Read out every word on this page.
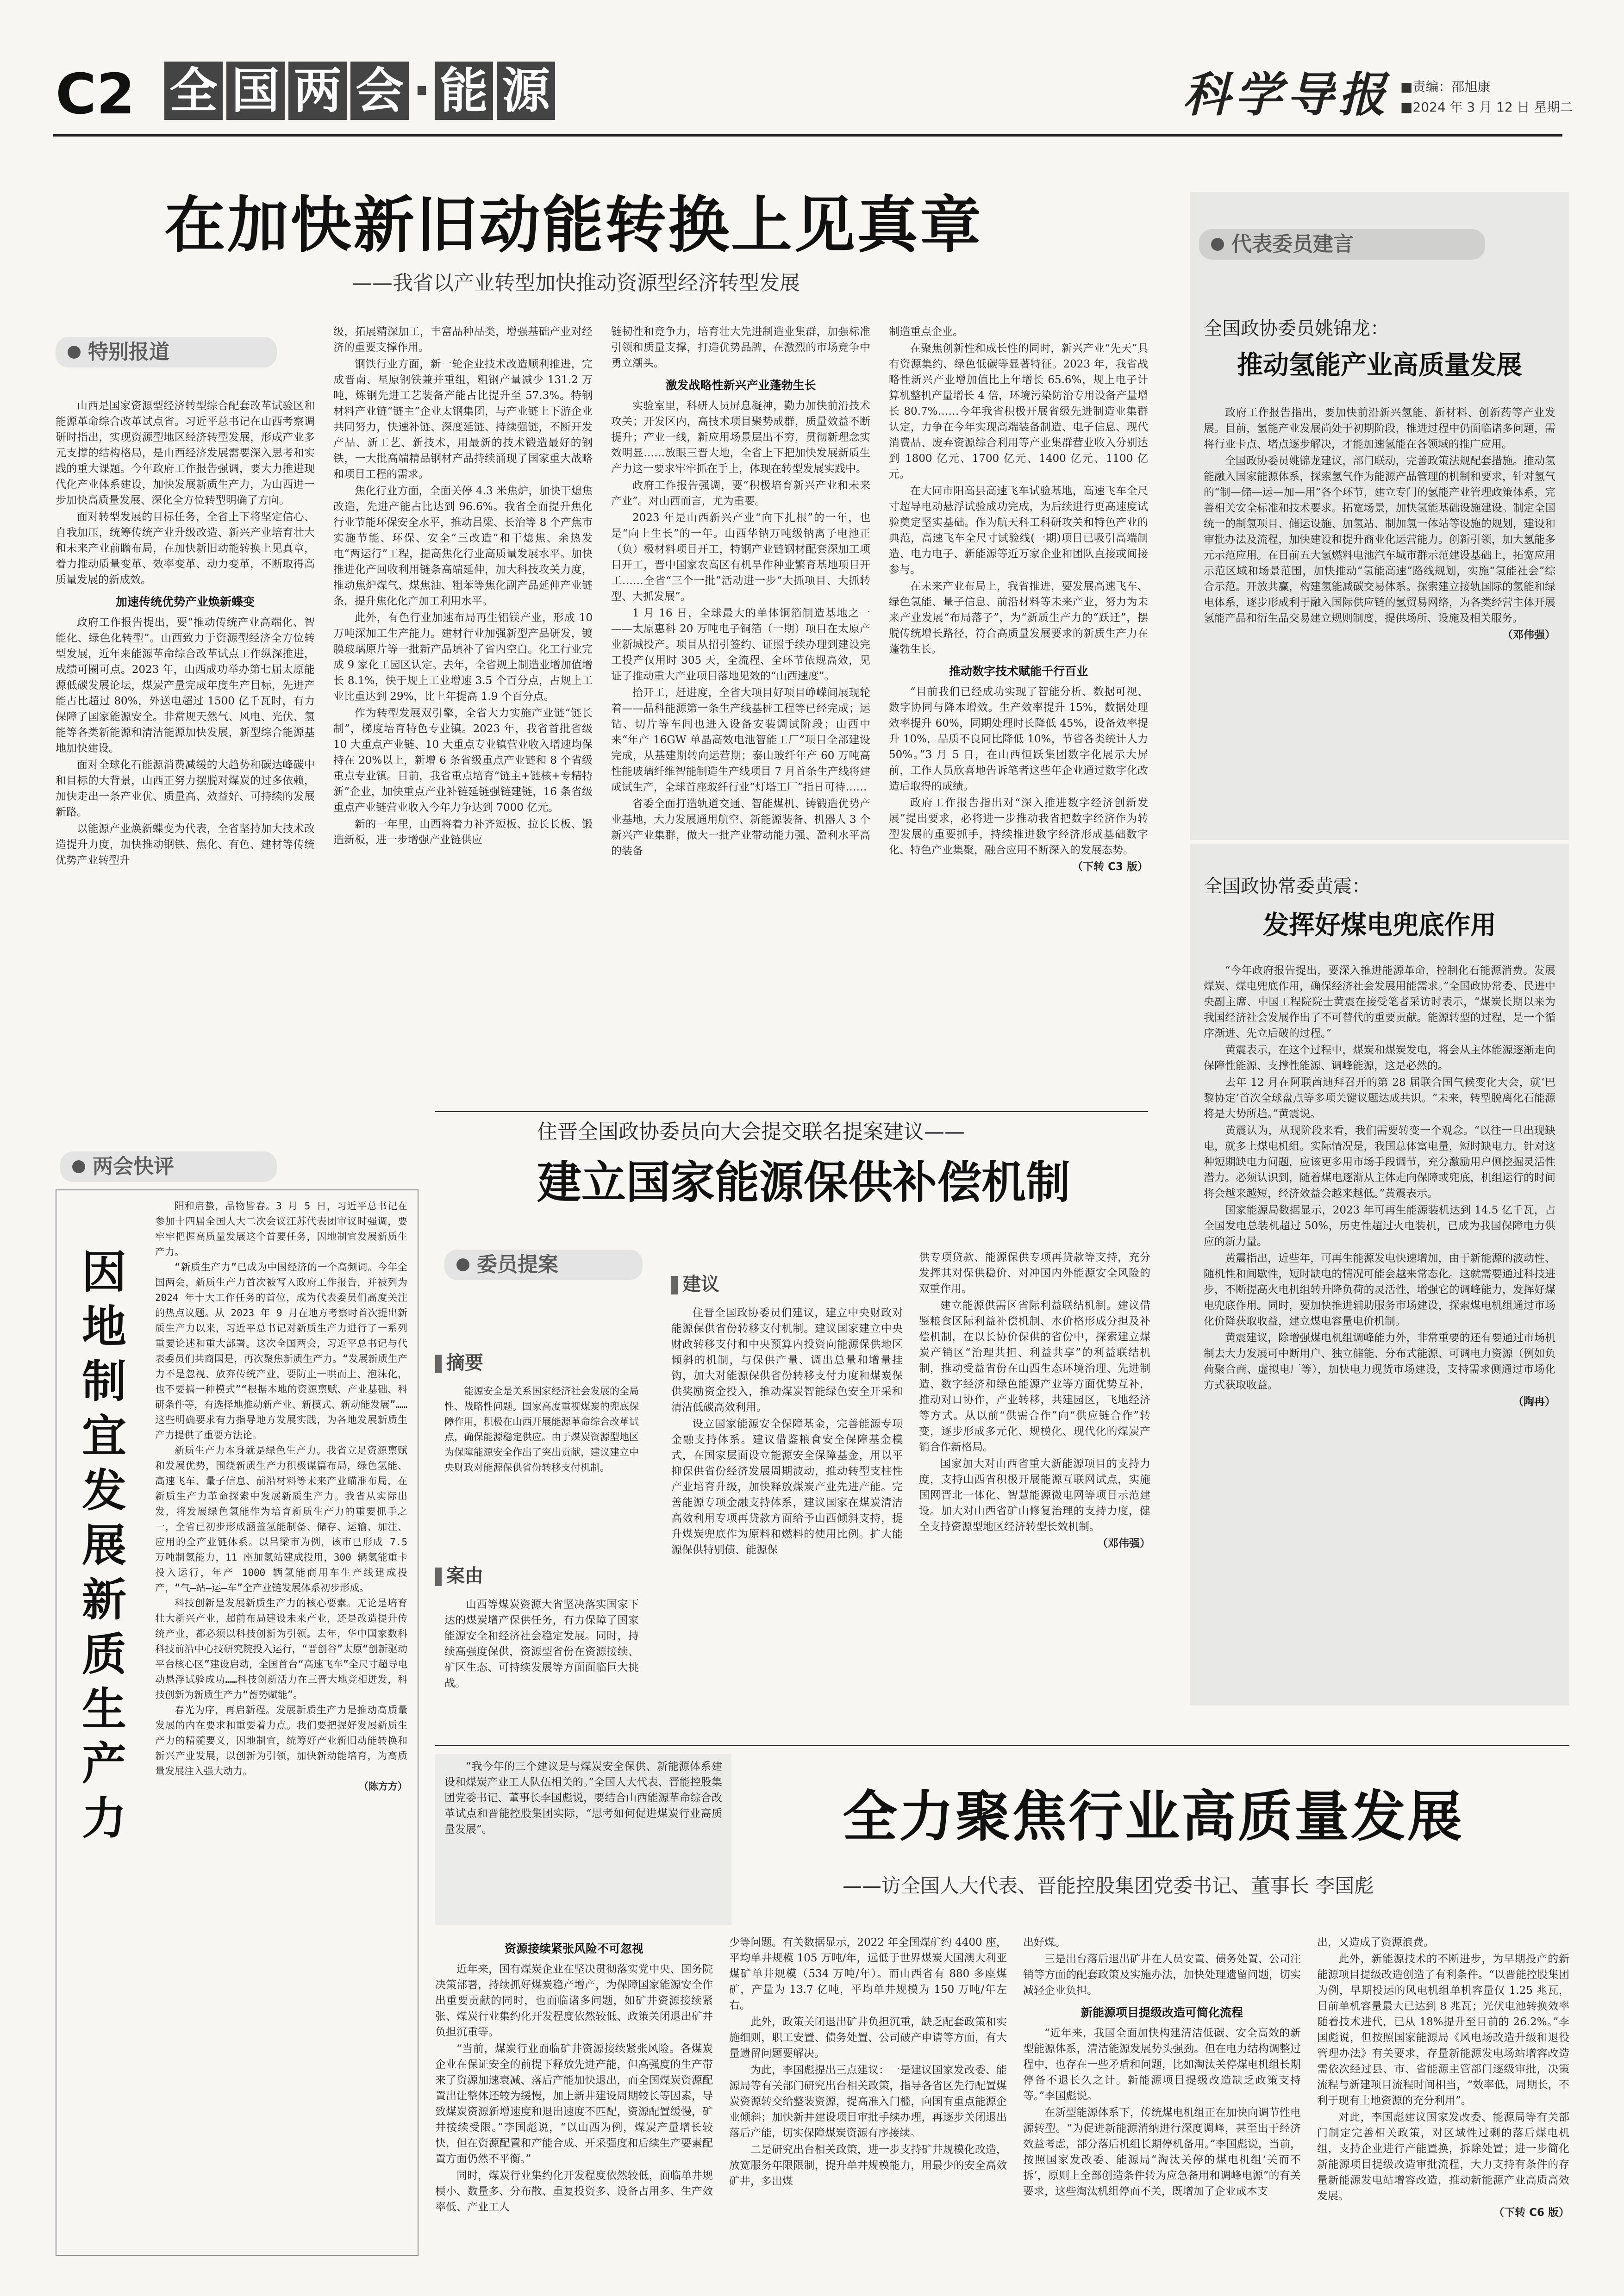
C2 全 国 两 会 · 能 源	科学导报 ■责编：邵旭康
■2024 年 3 月 12 日 星期二
在加快新旧动能转换上见真章
——我省以产业转型加快推动资源型经济转型发展
特别报道

山西是国家资源型经济转型综合配套改革试验区和能源革命综合改革试点省。习近平总书记在山西考察调研时指出，实现资源型地区经济转型发展，形成产业多元支撑的结构格局，是山西经济发展需要深入思考和实践的重大课题。今年政府工作报告强调，要大力推进现代化产业体系建设，加快发展新质生产力，为山西进一步加快高质量发展、深化全方位转型明确了方向。

面对转型发展的目标任务，全省上下将坚定信心、自我加压，统筹传统产业升级改造、新兴产业培育壮大和未来产业前瞻布局，在加快新旧动能转换上见真章，着力推动质量变革、效率变革、动力变革，不断取得高质量发展的新成效。

加速传统优势产业焕新蝶变

政府工作报告提出，要“推动传统产业高端化、智能化、绿色化转型”。山西致力于资源型经济全方位转型发展，近年来能源革命综合改革试点工作纵深推进，成绩可圈可点。2023 年，山西成功举办第七届太原能源低碳发展论坛，煤炭产量完成年度生产目标，先进产能占比超过 80%，外送电超过 1500 亿千瓦时，有力保障了国家能源安全。非常规天然气、风电、光伏、氢能等各类新能源和清洁能源加快发展，新型综合能源基地加快建设。

面对全球化石能源消费减缓的大趋势和碳达峰碳中和目标的大背景，山西正努力摆脱对煤炭的过多依赖，加快走出一条产业优、质量高、效益好、可持续的发展新路。

以能源产业焕新蝶变为代表，全省坚持加大技术改造提升力度，加快推动钢铁、焦化、有色、建材等传统优势产业转型升

级，拓展精深加工，丰富品种品类，增强基础产业对经济的重要支撑作用。

钢铁行业方面，新一轮企业技术改造顺利推进，完成晋南、星原钢铁兼并重组，粗钢产量减少 131.2 万吨，炼钢先进工艺装备产能占比提升至 57.3%。特钢材料产业链“链主”企业太钢集团，与产业链上下游企业共同努力，快速补链、深度延链、持续强链，不断开发产品、新工艺、新技术，用最新的技术锻造最好的钢铁，一大批高端精品钢材产品持续涌现了国家重大战略和项目工程的需求。

焦化行业方面，全面关停 4.3 米焦炉，加快干熄焦改造，先进产能占比达到 96.6%。我省全面提升焦化行业节能环保安全水平，推动吕梁、长治等 8 个产焦市实施节能、环保、安全“三改造”和干熄焦、余热发电“两运行”工程，提高焦化行业高质量发展水平。加快推进化产回收利用链条高端延伸，加大科技攻关力度，推动焦炉煤气、煤焦油、粗苯等焦化副产品延伸产业链条，提升焦化化产加工利用水平。

此外，有色行业加速布局再生铝镁产业，形成 10 万吨深加工生产能力。建材行业加强新型产品研发，镀膜玻璃原片等一批新产品填补了省内空白。化工行业完成 9 家化工园区认定。去年，全省规上制造业增加值增长 8.1%，快于规上工业增速 3.5 个百分点，占规上工业比重达到 29%，比上年提高 1.9 个百分点。

作为转型发展双引擎，全省大力实施产业链“链长制”，梯度培育特色专业镇。2023 年，我省首批省级 10 大重点产业链、10 大重点专业镇营业收入增速均保持在 20%以上，新增 6 条省级重点产业链和 8 个省级重点专业镇。目前，我省重点培育“链主+链核+专精特新”企业，加快重点产业补链延链强链建链，16 条省级重点产业链营业收入今年力争达到 7000 亿元。

新的一年里，山西将着力补齐短板、拉长长板、锻造新板，进一步增强产业链供应

链韧性和竞争力，培育壮大先进制造业集群，加强标准引领和质量支撑，打造优势品牌，在激烈的市场竞争中勇立潮头。

激发战略性新兴产业蓬勃生长

实验室里，科研人员屏息凝神，勤力加快前沿技术攻关；开发区内，高技术项目聚势成群，质量效益不断提升；产业一线，新应用场景层出不穷，贯彻新理念实效明显……放眼三晋大地，全省上下把加快发展新质生产力这一要求牢牢抓在手上，体现在转型发展实践中。

政府工作报告强调，要“积极培育新兴产业和未来产业”。对山西而言，尤为重要。

2023 年是山西新兴产业“向下扎根”的一年，也是“向上生长”的一年。山西华钠万吨级钠离子电池正（负）极材料项目开工，特钢产业链钢材配套深加工项目开工，晋中国家农高区有机旱作种业繁育基地项目开工……全省“三个一批”活动进一步“大抓项目、大抓转型、大抓发展”。

1 月 16 日，全球最大的单体铜箔制造基地之一——太原惠科 20 万吨电子铜箔（一期）项目在太原产业新城投产。项目从招引签约、证照手续办理到建设完工投产仅用时 305 天，全流程、全环节依规高效，见证了推动重大产业项目落地见效的“山西速度”。

拾开工，赶进度，全省大项目好项目峥嵘间展现轮着——晶科能源第一条生产线基桩工程等已经完成；运钻、切片等车间也进入设备安装调试阶段；山西中来“年产 16GW 单晶高效电池智能工厂”项目全部建设完成，从基建期转向运营期；泰山玻纤年产 60 万吨高性能玻璃纤维智能制造生产线项目 7 月首条生产线将建成试生产，全球首座玻纤行业“灯塔工厂”指日可待……

省委全面打造轨道交通、智能煤机、铸锻造优势产业基地，大力发展通用航空、新能源装备、机器人 3 个新兴产业集群，做大一批产业带动能力强、盈利水平高的装备

制造重点企业。

在聚焦创新性和成长性的同时，新兴产业“先天”具有资源集约、绿色低碳等显著特征。2023 年，我省战略性新兴产业增加值比上年增长 65.6%，规上电子计算机整机产量增长 4 倍，环境污染防治专用设备产量增长 80.7%……今年我省积极开展省级先进制造业集群认定，力争在今年实现高端装备制造、电子信息、现代消费品、废弃资源综合利用等产业集群营业收入分别达到 1800 亿元、1700 亿元、1400 亿元、1100 亿元。

在大同市阳高县高速飞车试验基地，高速飞车全尺寸超导电动悬浮试验成功完成，为后续进行更高速度试验奠定坚实基础。作为航天科工科研攻关和特色产业的典范，高速飞车全尺寸试验线(一期)项目已吸引高端制造、电力电子、新能源等近万家企业和团队直接或间接参与。

在未来产业布局上，我省推进，要发展高速飞车、绿色氢能、量子信息、前沿材料等未来产业，努力为未来产业发展“布局落子”，为“新质生产力的“跃迁”，摆脱传统增长路径，符合高质量发展要求的新质生产力在蓬勃生长。

推动数字技术赋能千行百业

“目前我们已经成功实现了智能分析、数据可视、数字协同与降本增效。生产效率提升 15%，数据处理效率提升 60%，同期处理时长降低 45%，设备效率提升 10%，品质不良同比降低 10%，节省各类统计人力 50%。”3 月 5 日，在山西恒跃集团数字化展示大屏前，工作人员欣喜地告诉笔者这些年企业通过数字化改造后取得的成绩。

政府工作报告指出对“深入推进数字经济创新发展”提出要求，必将进一步推动我省把数字经济作为转型发展的重要抓手，持续推进数字经济形成基础数字化、特色产业集聚，融合应用不断深入的发展态势。

（下转 C3 版）

代表委员建言
全国政协委员姚锦龙：
推动氢能产业高质量发展

政府工作报告指出，要加快前沿新兴氢能、新材料、创新药等产业发展。目前，氢能产业发展尚处于初期阶段，推进过程中仍面临诸多问题，需将行业卡点、堵点逐步解决，才能加速氢能在各领域的推广应用。

全国政协委员姚锦龙建议，部门联动，完善政策法规配套措施。推动氢能融入国家能源体系，探索氢气作为能源产品管理的机制和要求，针对氢气的“制—储—运—加—用”各个环节，建立专门的氢能产业管理政策体系，完善相关安全标准和技术要求。拓宽场景，加快氢能基础设施建设。制定全国统一的制氢项目、储运设施、加氢站、制加氢一体站等设施的规划，建设和审批办法及流程，加快建设和提升商业化运营能力。创新引领，加大氢能多元示范应用。在目前五大氢燃料电池汽车城市群示范建设基础上，拓宽应用示范区域和场景范围，加快推动“氢能高速”路线规划，实施“氢能社会”综合示范。开放共赢，构建氢能减碳交易体系。探索建立接轨国际的氢能和绿电体系，逐步形成利于融入国际供应链的氢贸易网络，为各类经营主体开展氢能产品和衍生品交易建立规则制度，提供场所、设施及相关服务。

（邓伟强）

全国政协常委黄震：
发挥好煤电兜底作用

“今年政府报告提出，要深入推进能源革命，控制化石能源消费。发展煤炭、煤电兜底作用，确保经济社会发展用能需求。”全国政协常委、民进中央副主席、中国工程院院士黄震在接受笔者采访时表示，“煤炭长期以来为我国经济社会发展作出了不可替代的重要贡献。能源转型的过程，是一个循序渐进、先立后破的过程。”

黄震表示，在这个过程中，煤炭和煤炭发电，将会从主体能源逐渐走向保障性能源、支撑性能源、调峰能源，这是必然的。

去年 12 月在阿联酋迪拜召开的第 28 届联合国气候变化大会，就‘巴黎协定’首次全球盘点等多项关键议题达成共识。“未来，转型脱离化石能源将是大势所趋。”黄震说。

黄震认为，从现阶段来看，我们需要转变一个观念。“以往一旦出现缺电，就多上煤电机组。实际情况是，我国总体富电量，短时缺电力。针对这种短期缺电力问题，应该更多用市场手段调节，充分激励用户侧挖掘灵活性潜力。必须认识到，随着煤电逐渐从主体走向保障或兜底，机组运行的时间将会越来越短，经济效益会越来越低。”黄震表示。

国家能源局数据显示，2023 年可再生能源装机达到 14.5 亿千瓦，占全国发电总装机超过 50%，历史性超过火电装机，已成为我国保障电力供应的新力量。

黄震指出，近些年，可再生能源发电快速增加，由于新能源的波动性、随机性和间歇性，短时缺电的情况可能会越来常态化。这就需要通过科技进步，不断提高火电机组转升降负荷的灵活性，增强它的调峰能力，发挥好煤电兜底作用。同时，要加快推进辅助服务市场建设，探索煤电机组通过市场化价降获取收益，建立煤电容量电价机制。

黄震建议，除增强煤电机组调峰能力外，非常重要的还有要通过市场机制去大力发展可中断用户、独立储能、分布式能源、可调电力资源（例如负荷聚合商、虚拟电厂等），加快电力现货市场建设，支持需求侧通过市场化方式获取收益。

（陶冉）

两会快评
因
地
制
宜
发
展
新
质
生
产
力

阳和启蛰，品物皆春。3 月 5 日，习近平总书记在参加十四届全国人大二次会议江苏代表团审议时强调，要牢牢把握高质量发展这个首要任务，因地制宜发展新质生产力。

“新质生产力”已成为中国经济的一个高频词。今年全国两会，新质生产力首次被写入政府工作报告，并被列为 2024 年十大工作任务的首位，成为代表委员们高度关注的热点议题。从 2023 年 9 月在地方考察时首次提出新质生产力以来，习近平总书记对新质生产力进行了一系列重要论述和重大部署。这次全国两会，习近平总书记与代表委员们共商国是，再次聚焦新质生产力。“发展新质生产力不是忽视、放弃传统产业，要防止一哄而上、泡沫化，也不要搞一种模式”“根据本地的资源禀赋、产业基础、科研条件等，有选择地推动新产业、新模式、新动能发展”……这些明确要求有力指导地方发展实践，为各地发展新质生产力提供了重要方法论。

新质生产力本身就是绿色生产力。我省立足资源禀赋和发展优势，围绕新质生产力积极谋篇布局，绿色氢能、高速飞车、量子信息、前沿材料等未来产业瞄准布局，在新质生产力革命探索中发展新质生产力。我省从实际出发，将发展绿色氢能作为培育新质生产力的重要抓手之一，全省已初步形成涵盖氢能制备、储存、运输、加注、应用的全产业链体系。以吕梁市为例，该市已形成 7.5 万吨制氢能力，11 座加氢站建成投用，300 辆氢能重卡投入运行，年产 1000 辆氢能商用车生产线建成投产，“气—站—运—车”全产业链发展体系初步形成。

科技创新是发展新质生产力的核心要素。无论是培育壮大新兴产业，超前布局建设未来产业，还是改造提升传统产业，都必须以科技创新为引领。去年，华中国家数科科技前沿中心技研究院投入运行，“晋创谷”太原“创新驱动平台核心区”建设启动，全国首台“高速飞车”全尺寸超导电动悬浮试验成功……科技创新活力在三晋大地竞相迸发，科技创新为新质生产力“蓄势赋能”。

春光为序，再启新程。发展新质生产力是推动高质量发展的内在要求和重要着力点。我们要把握好发展新质生产力的精髓要义，因地制宜，统筹好产业新旧动能转换和新兴产业发展，以创新为引领，加快新动能培育，为高质量发展注入强大动力。

（陈方方）

住晋全国政协委员向大会提交联名提案建议——
建立国家能源保供补偿机制
委员提案
摘要
能源安全是关系国家经济社会发展的全局性、战略性问题。国家高度重视煤炭的兜底保障作用，积极在山西开展能源革命综合改革试点，确保能源稳定供应。由于煤炭资源型地区为保障能源安全作出了突出贡献，建议建立中央财政对能源保供省份转移支付机制。
案由

山西等煤炭资源大省坚决落实国家下达的煤炭增产保供任务，有力保障了国家能源安全和经济社会稳定发展。同时，持续高强度保供，资源型省份在资源接续、矿区生态、可持续发展等方面面临巨大挑战。

建议

住晋全国政协委员们建议，建立中央财政对能源保供省份转移支付机制。建议国家建立中央财政转移支付和中央预算内投资向能源保供地区倾斜的机制，与保供产量、调出总量和增量挂钩，加大对能源保供省份转移支付力度和煤炭保供奖励资金投入，推动煤炭智能绿色安全开采和清洁低碳高效利用。

设立国家能源安全保障基金，完善能源专项金融支持体系。建议借鉴粮食安全保障基金模式，在国家层面设立能源安全保障基金，用以平抑保供省份经济发展周期波动，推动转型支柱性产业培育升级，加快释放煤炭产业先进产能。完善能源专项金融支持体系，建议国家在煤炭清洁高效利用专项再贷款方面给予山西倾斜支持，提升煤炭兜底作为原料和燃料的使用比例。扩大能源保供特别债、能源保

供专项贷款、能源保供专项再贷款等支持，充分发挥其对保供稳价、对冲国内外能源安全风险的双重作用。

建立能源供需区省际利益联结机制。建议借鉴粮食区际利益补偿机制、水价格形成分担及补偿机制，在以长协价保供的省份中，探索建立煤炭产销区“治理共担、利益共享”的利益联结机制，推动受益省份在山西生态环境治理、先进制造、数字经济和绿色能源产业等方面优势互补，推动对口协作，产业转移，共建园区，飞地经济等方式。从以前“供需合作”向“供应链合作”转变，逐步形成多元化、规模化、现代化的煤炭产销合作新格局。

国家加大对山西省重大新能源项目的支持力度，支持山西省积极开展能源互联网试点，实施国网晋北一体化、智慧能源微电网等项目示范建设。加大对山西省矿山修复治理的支持力度，健全支持资源型地区经济转型长效机制。

（邓伟强）

“我今年的三个建议是与煤炭安全保供、新能源体系建设和煤炭产业工人队伍相关的。”全国人大代表、晋能控股集团党委书记、董事长李国彪说，要结合山西能源革命综合改革试点和晋能控股集团实际，“思考如何促进煤炭行业高质量发展”。	全力聚焦行业高质量发展
——访全国人大代表、晋能控股集团党委书记、董事长 李国彪

资源接续紧张风险不可忽视

近年来，国有煤炭企业在坚决贯彻落实党中央、国务院决策部署，持续抓好煤炭稳产增产，为保障国家能源安全作出重要贡献的同时，也面临诸多问题，如矿井资源接续紧张、煤炭行业集约化开发程度依然较低、政策关闭退出矿井负担沉重等。

“当前，煤炭行业面临矿井资源接续紧张风险。各煤炭企业在保证安全的前提下释放先进产能，但高强度的生产带来了资源加速衰减、落后产能加快退出，而全国煤炭资源配置出让整体还较为缓慢，加上新井建设周期较长等因素，导致煤炭资源新增速度和退出速度不匹配，资源配置缓慢，矿井接续受限。”李国彪说，“以山西为例，煤炭产量增长较快，但在资源配置和产能合成、开采强度和后续生产要素配置方面仍然不平衡。”

同时，煤炭行业集约化开发程度依然较低，面临单井规模小、数量多、分布散、重复投资多、设备占用多、生产效率低、产业工人

少等问题。有关数据显示，2022 年全国煤矿约 4400 座，平均单井规模 105 万吨/年，远低于世界煤炭大国澳大利亚煤矿单井规模（534 万吨/年）。而山西省有 880 多座煤矿，产量为 13.7 亿吨，平均单井规模为 150 万吨/年左右。

此外，政策关闭退出矿井负担沉重，缺乏配套政策和实施细则，职工安置、债务处置、公司破产申请等方面，有大量遗留问题要解决。

为此，李国彪提出三点建议：一是建议国家发改委、能源局等有关部门研究出台相关政策，指导各省区先行配置煤炭资源转交给整装资源，提高准入门槛，向国有重点能源企业倾斜；加快新井建设项目审批手续办理，再逐步关闭退出落后产能，切实保障煤炭资源有序接续。

二是研究出台相关政策，进一步支持矿井规模化改造，放宽服务年限限制，提升单井规模能力，用最少的安全高效矿井，多出煤

出好煤。

三是出台落后退出矿井在人员安置、债务处置、公司注销等方面的配套政策及实施办法，加快处理遗留问题，切实减轻企业负担。

新能源项目提级改造可简化流程

“近年来，我国全面加快构建清洁低碳、安全高效的新型能源体系，清洁能源发展势头强劲。但在电力结构调整过程中，也存在一些矛盾和问题，比如淘汰关停煤电机组长期停备不退长久之计。新能源项目提级改造缺乏政策支持等。”李国彪说。

在新型能源体系下，传统煤电机组正在加快向调节性电源转型。“为促进新能源消纳进行深度调峰，甚至出于经济效益考虑，部分落后机组长期停机备用。”李国彪说，当前，按照国家发改委、能源局“淘汰关停的煤电机组‘关而不拆’，原则上全部创造条件转为应急备用和调峰电源”的有关要求，这些淘汰机组停而不关，既增加了企业成本支

出，又造成了资源浪费。

此外，新能源技术的不断进步，为早期投产的新能源项目提级改造创造了有利条件。“以晋能控股集团为例，早期投运的风电机组单机容量仅 1.25 兆瓦，目前单机容量最大已达到 8 兆瓦；光伏电池转换效率随着技术进代，已从 18%提升至目前的 26.2%。”李国彪说，但按照国家能源局《风电场改造升级和退役管理办法》有关要求，存量新能源发电场站增容改造需依次经过县、市、省能源主管部门逐级审批，决策流程与新建项目流程时间相当，“效率低，周期长，不利于现有土地资源的充分利用”。

对此，李国彪建议国家发改委、能源局等有关部门制定完善相关政策，对区域性过剩的落后煤电机组，支持企业进行产能置换，拆除处置；进一步简化新能源项目提级改造审批流程，大力支持有条件的存量新能源发电站增容改造，推动新能源产业高质高效发展。

（下转 C6 版）
